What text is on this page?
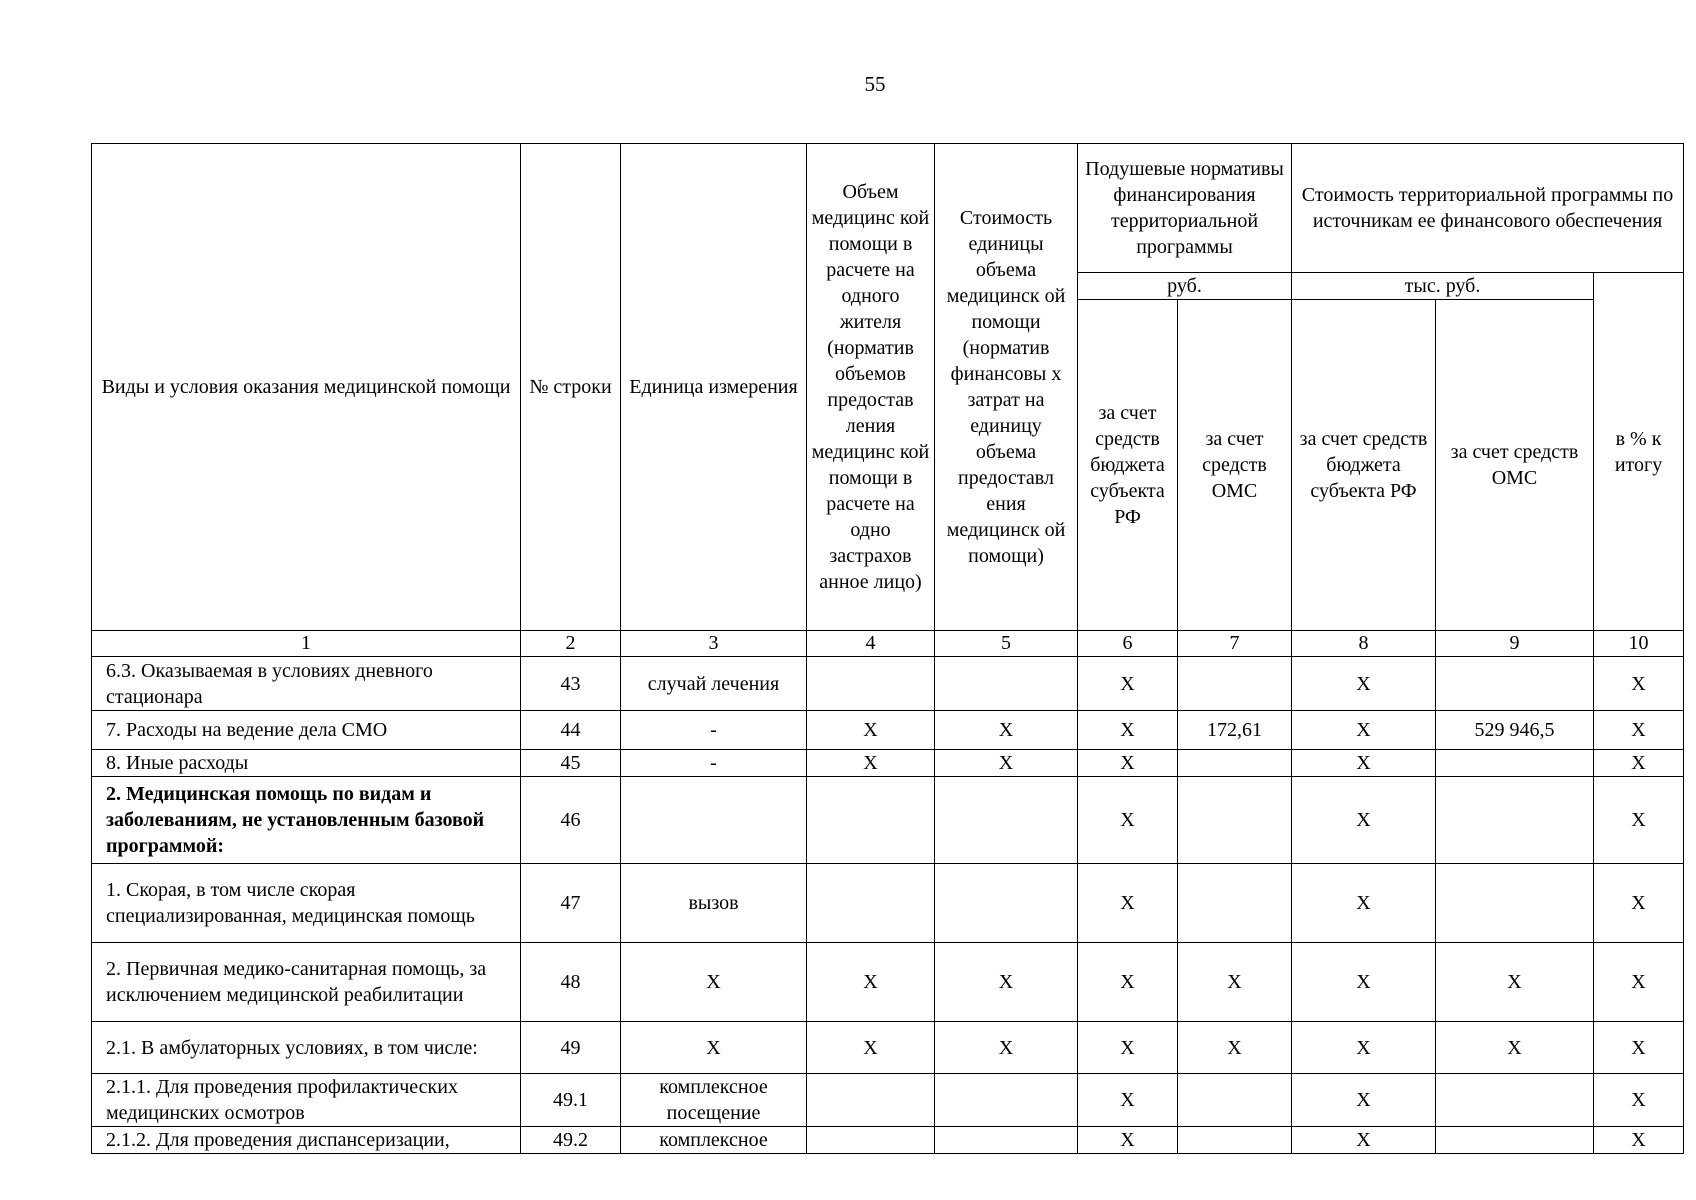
55
Виды и условия оказания медицинской помощи	№ строки	Единица измерения	Объем медицинс кой помощи в расчете на одного жителя (норматив объемов предостав ления медицинс кой помощи в расчете на одно застрахов анное лицо)	Стоимость единицы объема медицинск ой помощи (норматив финансовы х затрат на единицу объема предоставл ения медицинск ой помощи)	Подушевые нормативы финансирования территориальной программы		Стоимость территориальной программы по источникам ее финансового обеспечения		
					руб.		тыс. руб.		в % к итогу
					за счет средств бюджета субъекта РФ	за счет средств ОМС	за счет средств бюджета субъекта РФ	за счет средств ОМС	
1	2	3	4	5	6	7	8	9	10
6.3. Оказываемая в условиях дневного стационара	43	случай лечения			X		X		X
7. Расходы на ведение дела СМО	44	-	X	X	X	172,61	X	529 946,5	X
8. Иные расходы	45	-	X	X	X		X		X
2. Медицинская помощь по видам и заболеваниям, не установленным базовой программой:	46				X		X		X
1. Скорая, в том числе скорая специализированная, медицинская помощь	47	вызов			X		X		X
2. Первичная медико-санитарная помощь, за исключением медицинской реабилитации	48	X	X	X	X	X	X	X	X
2.1. В амбулаторных условиях, в том числе:	49	X	X	X	X	X	X	X	X
2.1.1. Для проведения профилактических медицинских осмотров	49.1	комплексное посещение			X		X		X
2.1.2. Для проведения диспансеризации,	49.2	комплексное			X		X		X
